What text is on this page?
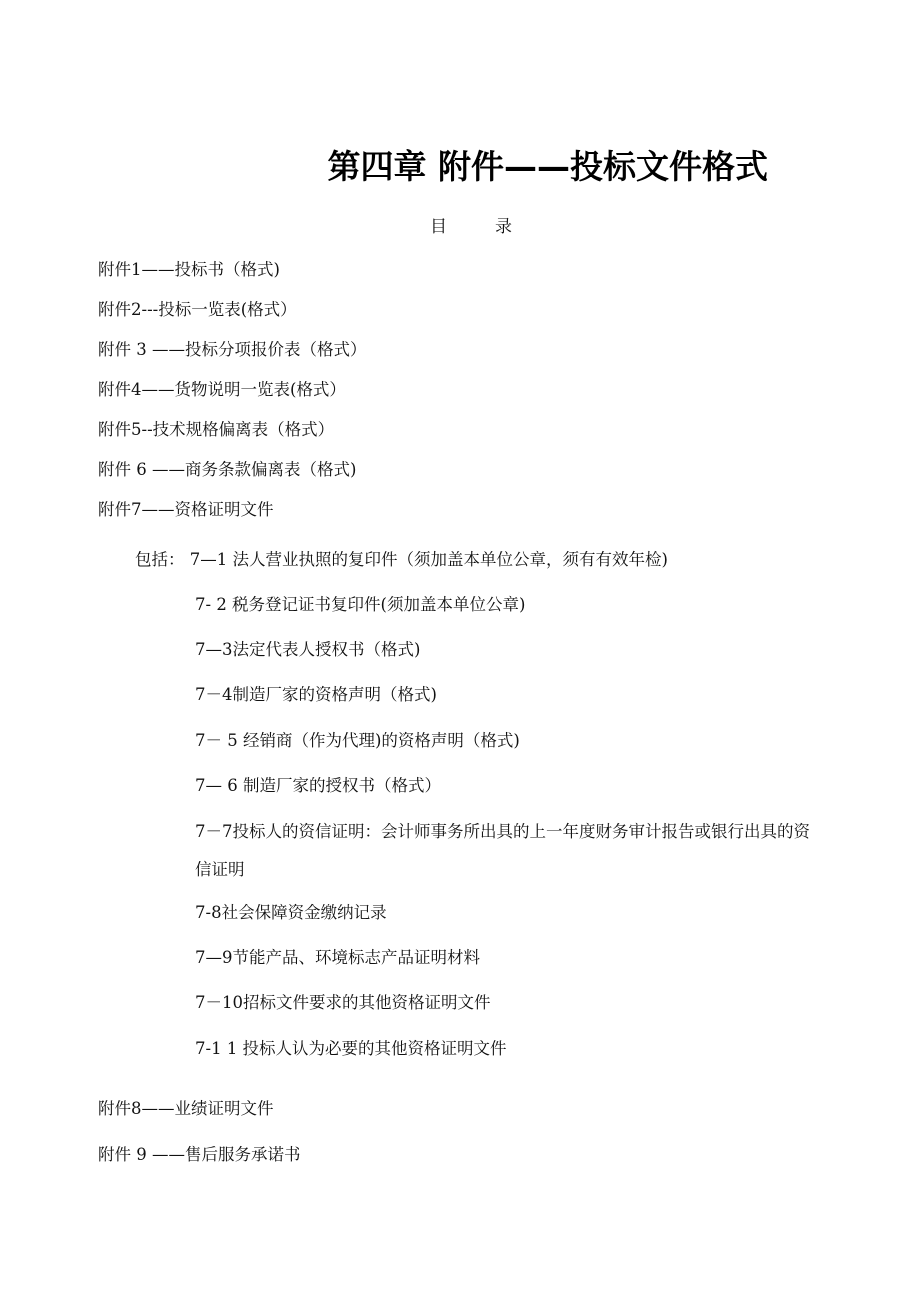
第四章 附件——投标文件格式
目	录
附件1——投标书（格式)
附件2---投标一览表(格式）
附件 3 ——投标分项报价表（格式）
附件4——货物说明一览表(格式）
附件5--技术规格偏离表（格式）
附件 6 ——商务条款偏离表（格式)
附件7——资格证明文件
包括： 7—1 法人营业执照的复印件（须加盖本单位公章，须有有效年检)
7- 2 税务登记证书复印件(须加盖本单位公章)
7—3法定代表人授权书（格式)
7－4制造厂家的资格声明（格式)
7－ 5 经销商（作为代理)的资格声明（格式)
7— 6 制造厂家的授权书（格式）
7－7投标人的资信证明：会计师事务所出具的上一年度财务审计报告或银行出具的资信证明
7-8社会保障资金缴纳记录
7—9节能产品、环境标志产品证明材料
7－10招标文件要求的其他资格证明文件
7-1 1 投标人认为必要的其他资格证明文件
附件8——业绩证明文件
附件 9 ——售后服务承诺书
